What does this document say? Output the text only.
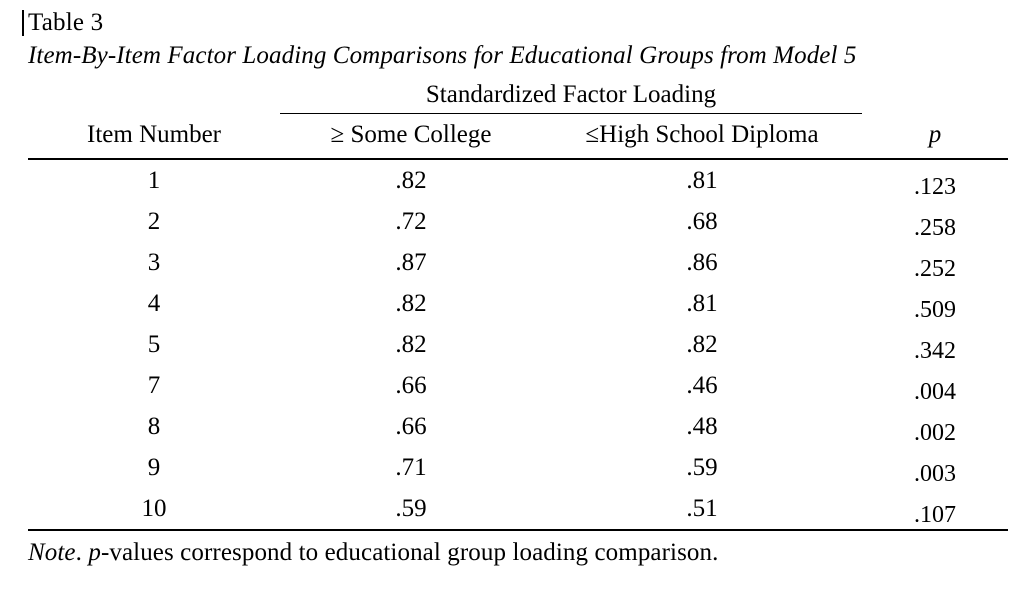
Table 3
Item-By-Item Factor Loading Comparisons for Educational Groups from Model 5
	Standardized Factor Loading		
Item Number	≥ Some College	≤High School Diploma	p
1	.82	.81	.123
2	.72	.68	.258
3	.87	.86	.252
4	.82	.81	.509
5	.82	.82	.342
7	.66	.46	.004
8	.66	.48	.002
9	.71	.59	.003
10	.59	.51	.107
Note. p-values correspond to educational group loading comparison.
